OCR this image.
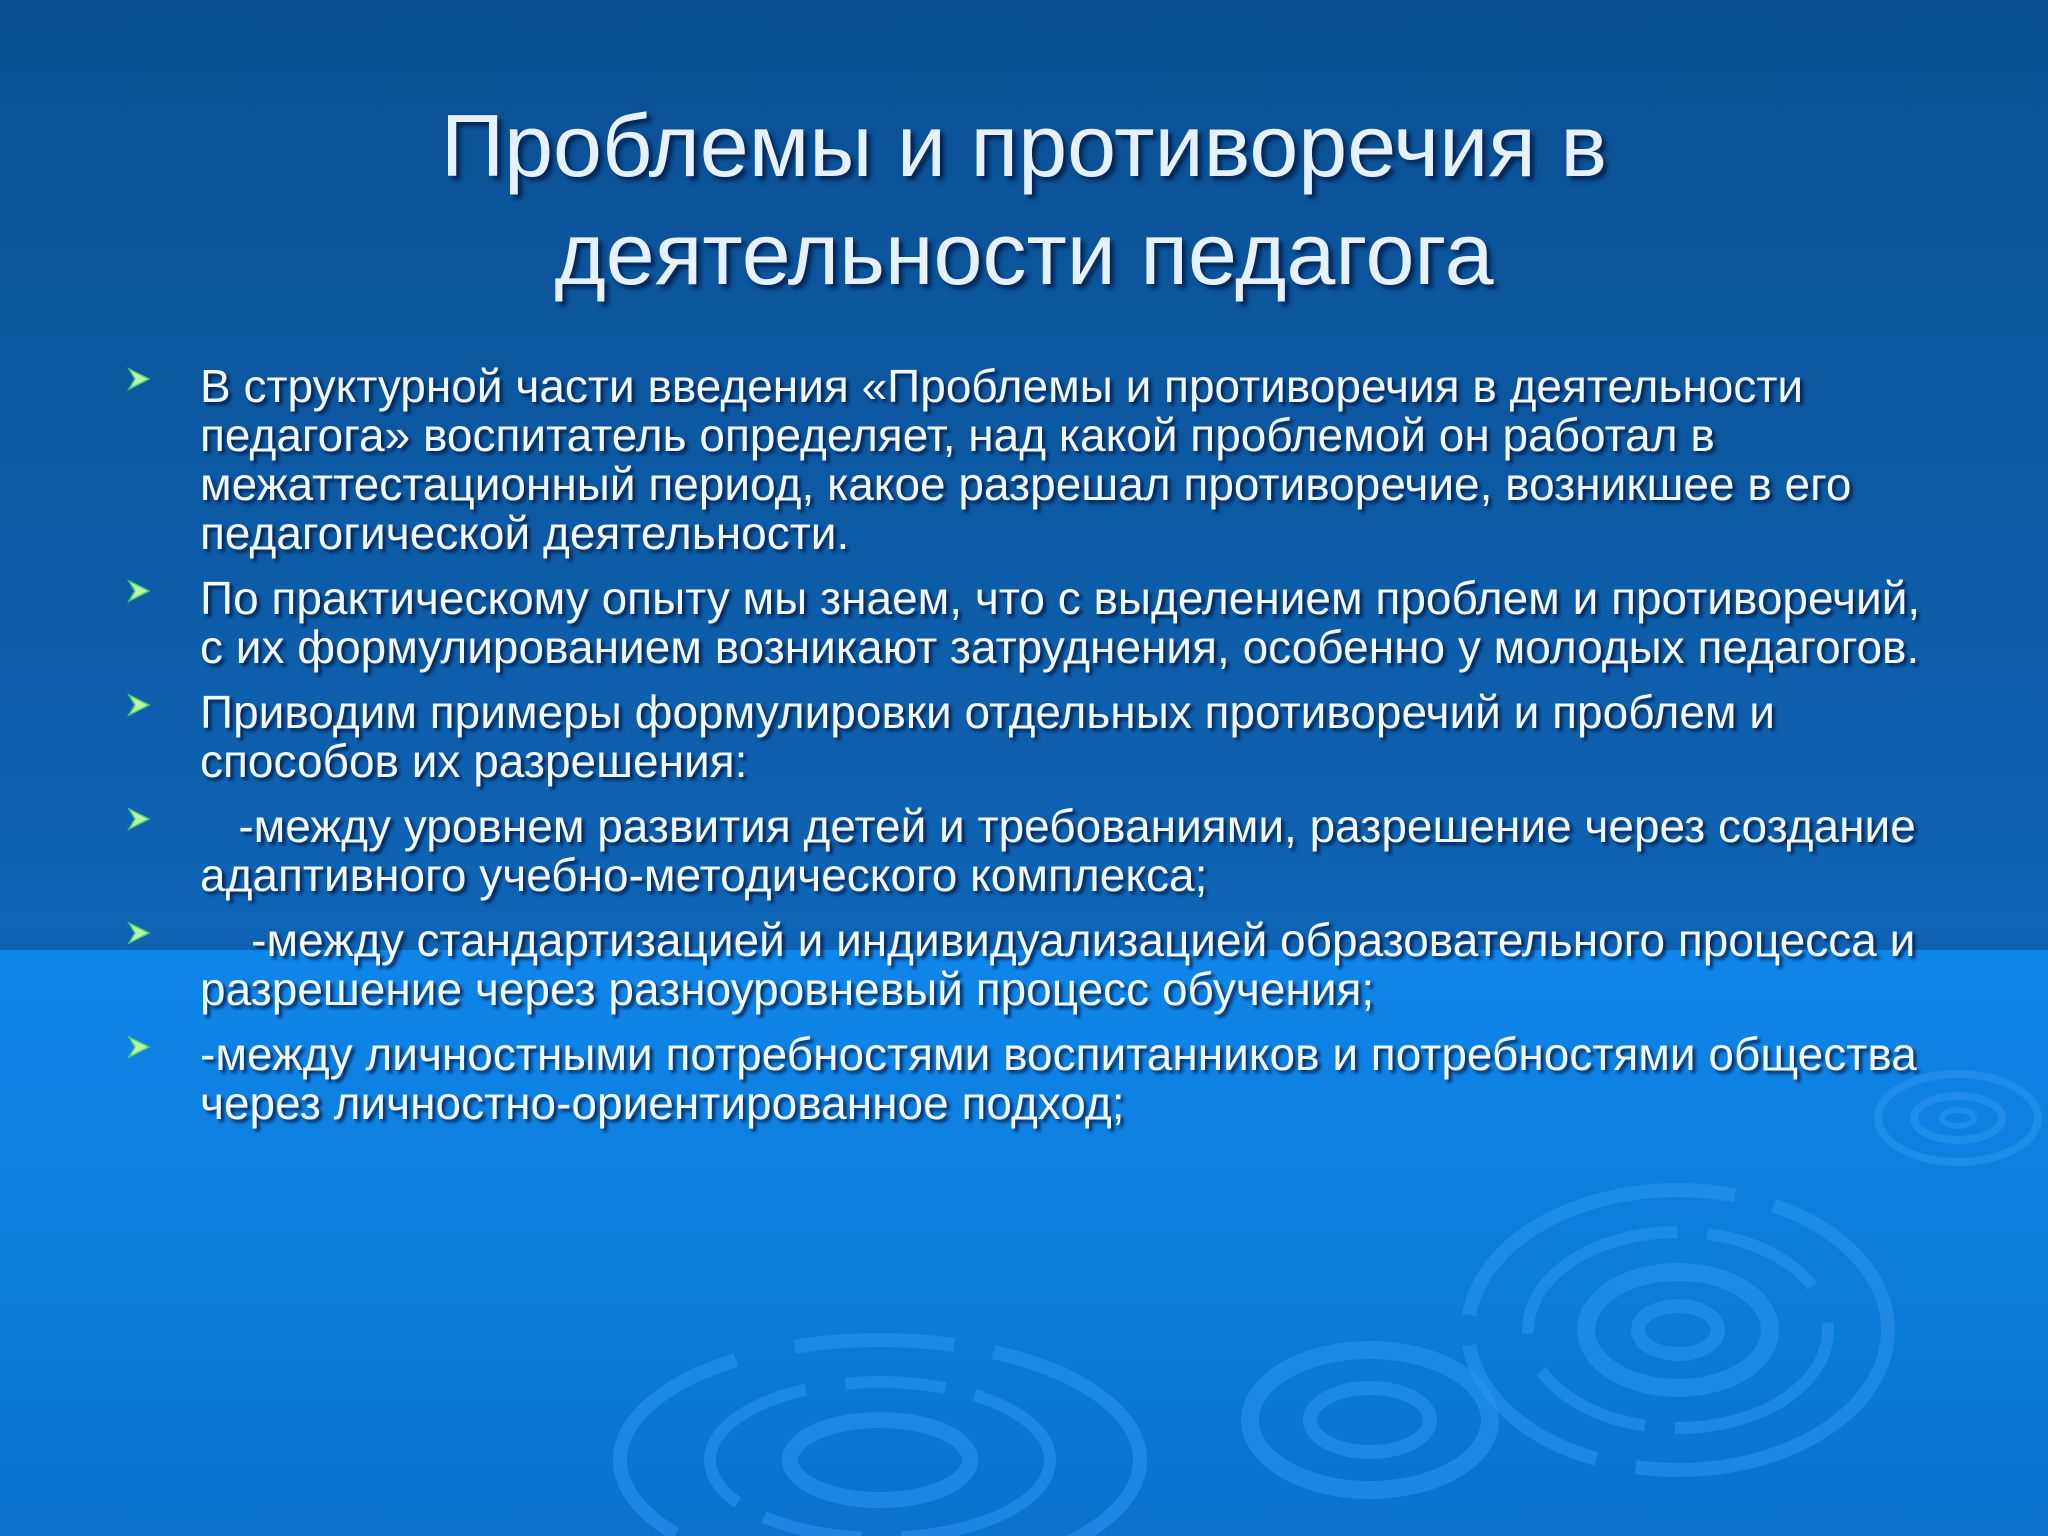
Проблемы и противоречия в
деятельности педагога
В структурной части введения «Проблемы и противоречия в деятельности педагога» воспитатель определяет, над какой проблемой он работал в межаттестационный период, какое разрешал противоречие, возникшее в его педагогической деятельности.
По практическому опыту мы знаем, что с выделением проблем и противоречий, с их формулированием возникают затруднения, особенно у молодых педагогов.
Приводим примеры формулировки отдельных противоречий и проблем и способов их разрешения:
-между уровнем развития детей и требованиями, разрешение через создание адаптивного учебно-методического комплекса;
-между стандартизацией и индивидуализацией образовательного процесса и разрешение через разноуровневый процесс обучения;
-между личностными потребностями воспитанников и потребностями общества через личностно-ориентированное подход;
